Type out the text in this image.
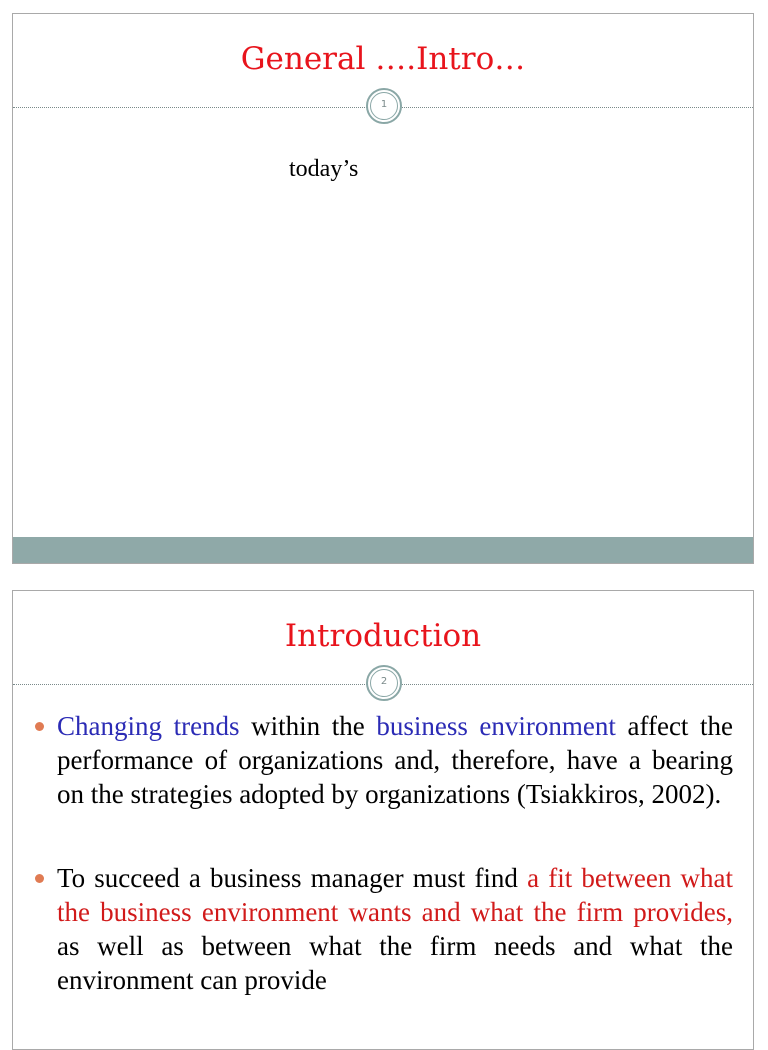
General ….Intro…
1
today’s
Introduction
2
Changing trends within the business environment affect the performance of organizations and, therefore, have a bearing on the strategies adopted by organizations (Tsiakkiros, 2002).
To succeed a business manager must find a fit between what the business environment wants and what the firm provides, as well as between what the firm needs and what the environment can provide
